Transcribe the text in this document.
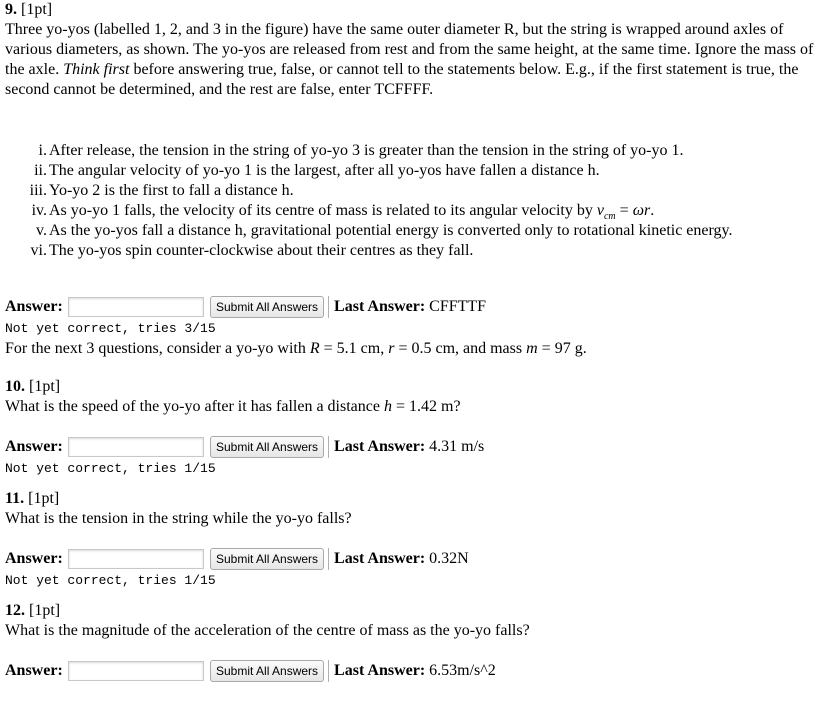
9. [1pt]

Three yo-yos (labelled 1, 2, and 3 in the figure) have the same outer diameter R, but the string is wrapped around axles of various diameters, as shown. The yo-yos are released from rest and from the same height, at the same time. Ignore the mass of the axle. Think first before answering true, false, or cannot tell to the statements below. E.g., if the first statement is true, the second cannot be determined, and the rest are false, enter TCFFFF.

i. After release, the tension in the string of yo-yo 3 is greater than the tension in the string of yo-yo 1.
ii. The angular velocity of yo-yo 1 is the largest, after all yo-yos have fallen a distance h.
iii. Yo-yo 2 is the first to fall a distance h.
iv. As yo-yo 1 falls, the velocity of its centre of mass is related to its angular velocity by $v_{cm} = \omega r$.
v. As the yo-yos fall a distance h, gravitational potential energy is converted only to rotational kinetic energy.
vi. The yo-yos spin counter-clockwise about their centres as they fall.
Answer:	Submit All Answers	Last Answer: CFFTTF

Not yet correct, tries 3/15

For the next 3 questions, consider a yo-yo with R = 5.1 cm, r = 0.5 cm, and mass m = 97 g.

10. [1pt]

What is the speed of the yo-yo after it has fallen a distance h = 1.42 m?

Answer:	Submit All Answers	Last Answer: 4.31 m/s

Not yet correct, tries 1/15

11. [1pt]

What is the tension in the string while the yo-yo falls?

Answer:	Submit All Answers	Last Answer: 0.32N

Not yet correct, tries 1/15

12. [1pt]

What is the magnitude of the acceleration of the centre of mass as the yo-yo falls?

Answer:	Submit All Answers	Last Answer: 6.53m/s^2
